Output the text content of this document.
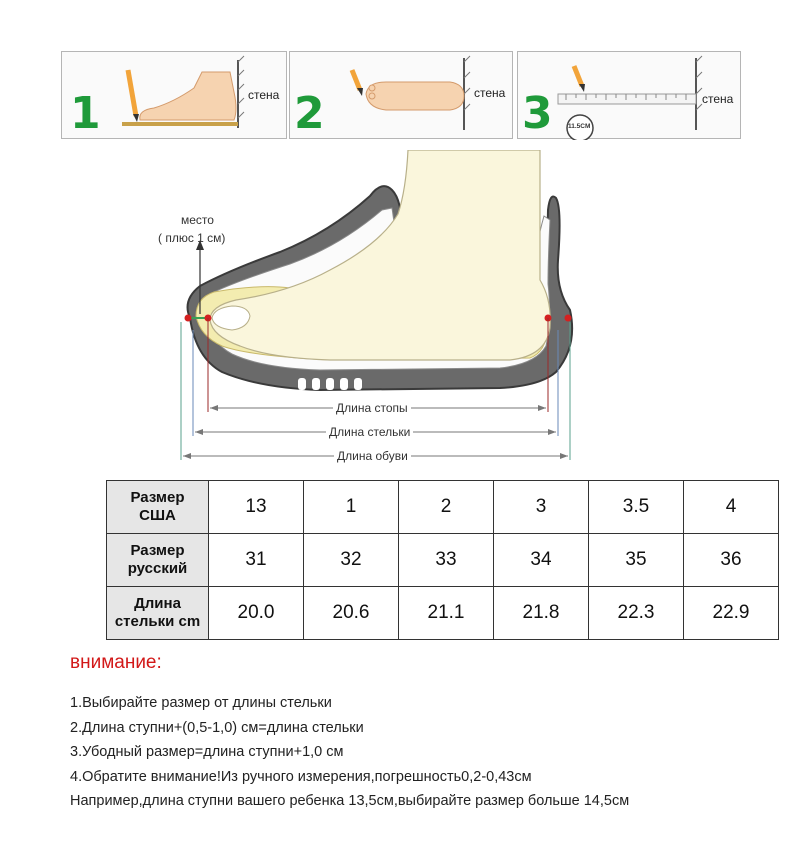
1	стена 2	стена 3 11.5CM
стена
место
( плюс 1 см)
Длина стопы
Длина стельки
Длина обуви
Размер
США	13	1	2	3	3.5	4
Размер
русский	31	32	33	34	35	36
Длина
стельки cm	20.0	20.6	21.1	21.8	22.3	22.9
внимание:
1.Выбирайте размер от длины стельки
2.Длина ступни+(0,5-1,0) см=длина стельки
3.Убодный размер=длина ступни+1,0 см
4.Обратите внимание!Из ручного измерения,погрешность0,2-0,43см
Например,длина ступни вашего ребенка 13,5cм,выбирайте размер больше 14,5cм
